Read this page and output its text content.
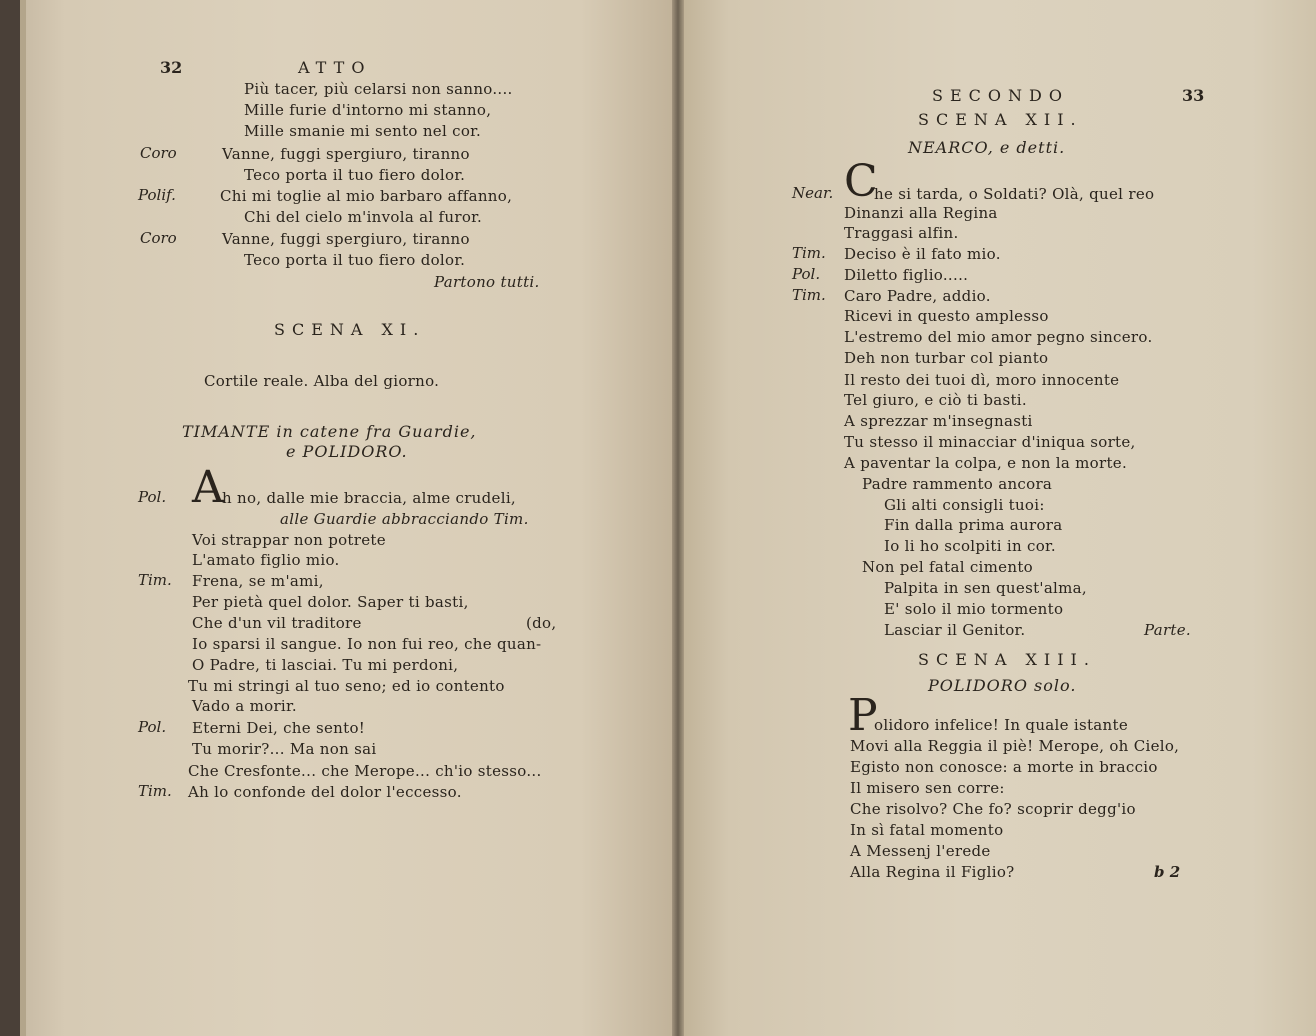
32	ATTO
Più tacer, più celarsi non sanno....
Mille furie d'intorno mi stanno,
Mille smanie mi sento nel cor.
Coro	Vanne, fuggi spergiuro, tiranno
Teco porta il tuo fiero dolor.
Polif.	Chi mi toglie al mio barbaro affanno,
Chi del cielo m'invola al furor.
Coro	Vanne, fuggi spergiuro, tiranno
Teco porta il tuo fiero dolor.
Partono tutti.
SCENA XI.
Cortile reale. Alba del giorno.
TIMANTE in catene fra Guardie,
e POLIDORO.
Pol. A
h no, dalle mie braccia, alme crudeli,
alle Guardie abbracciando Tim.
Voi strappar non potrete
L'amato figlio mio.
Tim. Frena, se m'ami,
Per pietà quel dolor. Saper ti basti,
Che d'un vil traditore	(do,
Io sparsi il sangue. Io non fui reo, che quan-
O Padre, ti lasciai. Tu mi perdoni,
Tu mi stringi al tuo seno; ed io contento
Vado a morir.
Pol. Eterni Dei, che sento!
Tu morir?... Ma non sai
Che Cresfonte... che Merope... ch'io stesso...
Tim. Ah lo confonde del dolor l'eccesso.
SECONDO	33
SCENA XII.
NEARCO, e detti.
Near. C
he si tarda, o Soldati? Olà, quel reo
Dinanzi alla Regina
Traggasi alfin.
Tim. Deciso è il fato mio.
Pol. Diletto figlio.....
Tim. Caro Padre, addio.
Ricevi in questo amplesso
L'estremo del mio amor pegno sincero.
Deh non turbar col pianto
Il resto dei tuoi dì, moro innocente
Tel giuro, e ciò ti basti.
A sprezzar m'insegnasti
Tu stesso il minacciar d'iniqua sorte,
A paventar la colpa, e non la morte.
Padre rammento ancora
Gli alti consigli tuoi:
Fin dalla prima aurora
Io li ho scolpiti in cor.
Non pel fatal cimento
Palpita in sen quest'alma,
E' solo il mio tormento
Lasciar il Genitor.	Parte.
SCENA XIII.
POLIDORO solo.
P
olidoro infelice! In quale istante
Movi alla Reggia il piè! Merope, oh Cielo,
Egisto non conosce: a morte in braccio
Il misero sen corre:
Che risolvo? Che fo? scoprir degg'io
In sì fatal momento
A Messenj l'erede
Alla Regina il Figlio?	b 2
